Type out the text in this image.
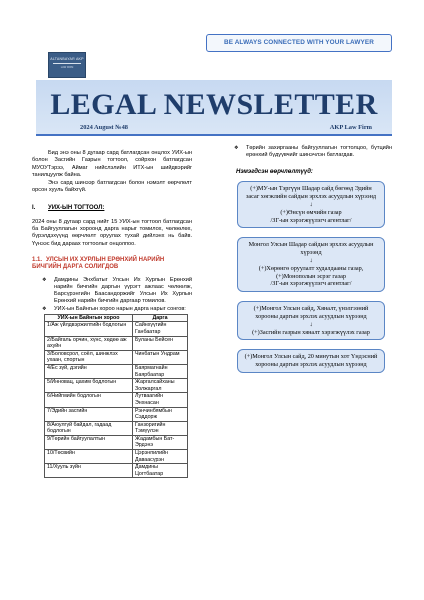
BE ALWAYS CONNECTED WITH YOUR LAWYER
ALTANBAYAR AKP
LAW FIRM
LEGAL NEWSLETTER
2024 August №48	AKP Law Firm

Бид энэ оны 8 дугаар сард батлагдсан онцлох УИХ-ын болон Засгийн Газрын тогтоол, сойрхон батлагдсан МУОУТэрээ, Аймаг нийслэлийн ИТХ-ын шийдвэрийг танилцуулж байна.

Энэ сард шинээр батлагдсан болон нэмэлт өөрчлөлт орсон хууль байхгүй.

I. УИХ-ЫН ТОГТООЛ:

2024 оны 8 дугаар сард нийт 15 УИХ-ын тогтоол батлагдсан ба Байгууллагын хороонд дарга нарыг томилох, чөлөөлөх, бүрэлдэхүүнд өөрчлөлт оруулах тухай дийлэнх нь байв. Үүнээс бид дараах тогтоолыг онцолпоо.

1.1. УЛСЫН ИХ ХУРЛЫН ЕРӨНХИЙ НАРИЙН БИЧГИЙН ДАРГА СОЛИГДОВ
❖ Дамдины Энхбатыг Улсын Их Хурлын Ерөнхий нарийн бичгийн даргын үүрэгт ажлаас чөлөөлж, Барсүрэнгийн Баасандоржийг Улсын Их Хурлын Ерөнхий нарийн бичгийн даргаар томилов.
❖ УИХ-ын Байнгын хороо нарын дарга нарыг сонгов:
УИХ-ын Байнгын хороо	Дарга
1/Аж үйлдвэржилтийн бодлогын	Сайнхүүгийн Ганбаатар
2/Байгаль орчин, хүнс, хөдөө аж ахуйн	Буланы Бейсен
3/Боловсрол, соёл, шинжлэх ухаан, спортын	Чинбатын Ундрам
4/Ёс зүй, дэгийн	Баярмагнайн Баярбаатар
5/Инновац, цахим бодлогын	Жаргалсайханы Золжаргал
6/Нийгмийн бодлогын	Лутваагийн Энхнасан
7/Эдийн засгийн	Рэнчинбямбын Сэддорж
8/Аюулгүй байдал, гадаад бодлогын	Ганзоригийн Тэмүүлэн
9/Төрийн байгуулалтын	Жадамбын Бат-Эрдэнэ
10/Төсвийн	Цэрэнпилийн Даваасүрэн
11/Хууль зүйн	Дамдины Цогтбаатар
❖ Төрийн захиргааны байгууллагын тогтолцоо, бүтцийн ерөнхий бүдүүвчийг шинэчлэн батлагдав.
Нэмэгдсэн өөрчлөлтүүд:
(+)МУ-ын Тэргүүн Шадар сайд бөгөөд Эдийн засаг хөгжлийн сайдын эрхлэх асуудлын хүрээнд
↓
(+)Өнсүн өмчийн газар
/ЗГ-ын хэрэгжүүлэгч агентлаг/
Монгол Улсын Шадар сайдын эрхлэх асуудлын хүрээнд
↓
(+)Хөрөнгө оруулалт худалдааны газар,
(+)Монополын эсрэг газар
/ЗГ-ын хэрэгжүүлэгч агентлаг/
(+)Монгол Улсын сайд, Хяналт, үнэлгээний хорооны даргын эрхлэх асуудлын хүрээнд
↓
(+)Засгийн газрын хяналт хэрэгжүүлэх газар
(+)Монгол Улсын сайд, 20 минутын хот Үндэсний хорооны даргын эрхлэх асуудлын хүрээнд
